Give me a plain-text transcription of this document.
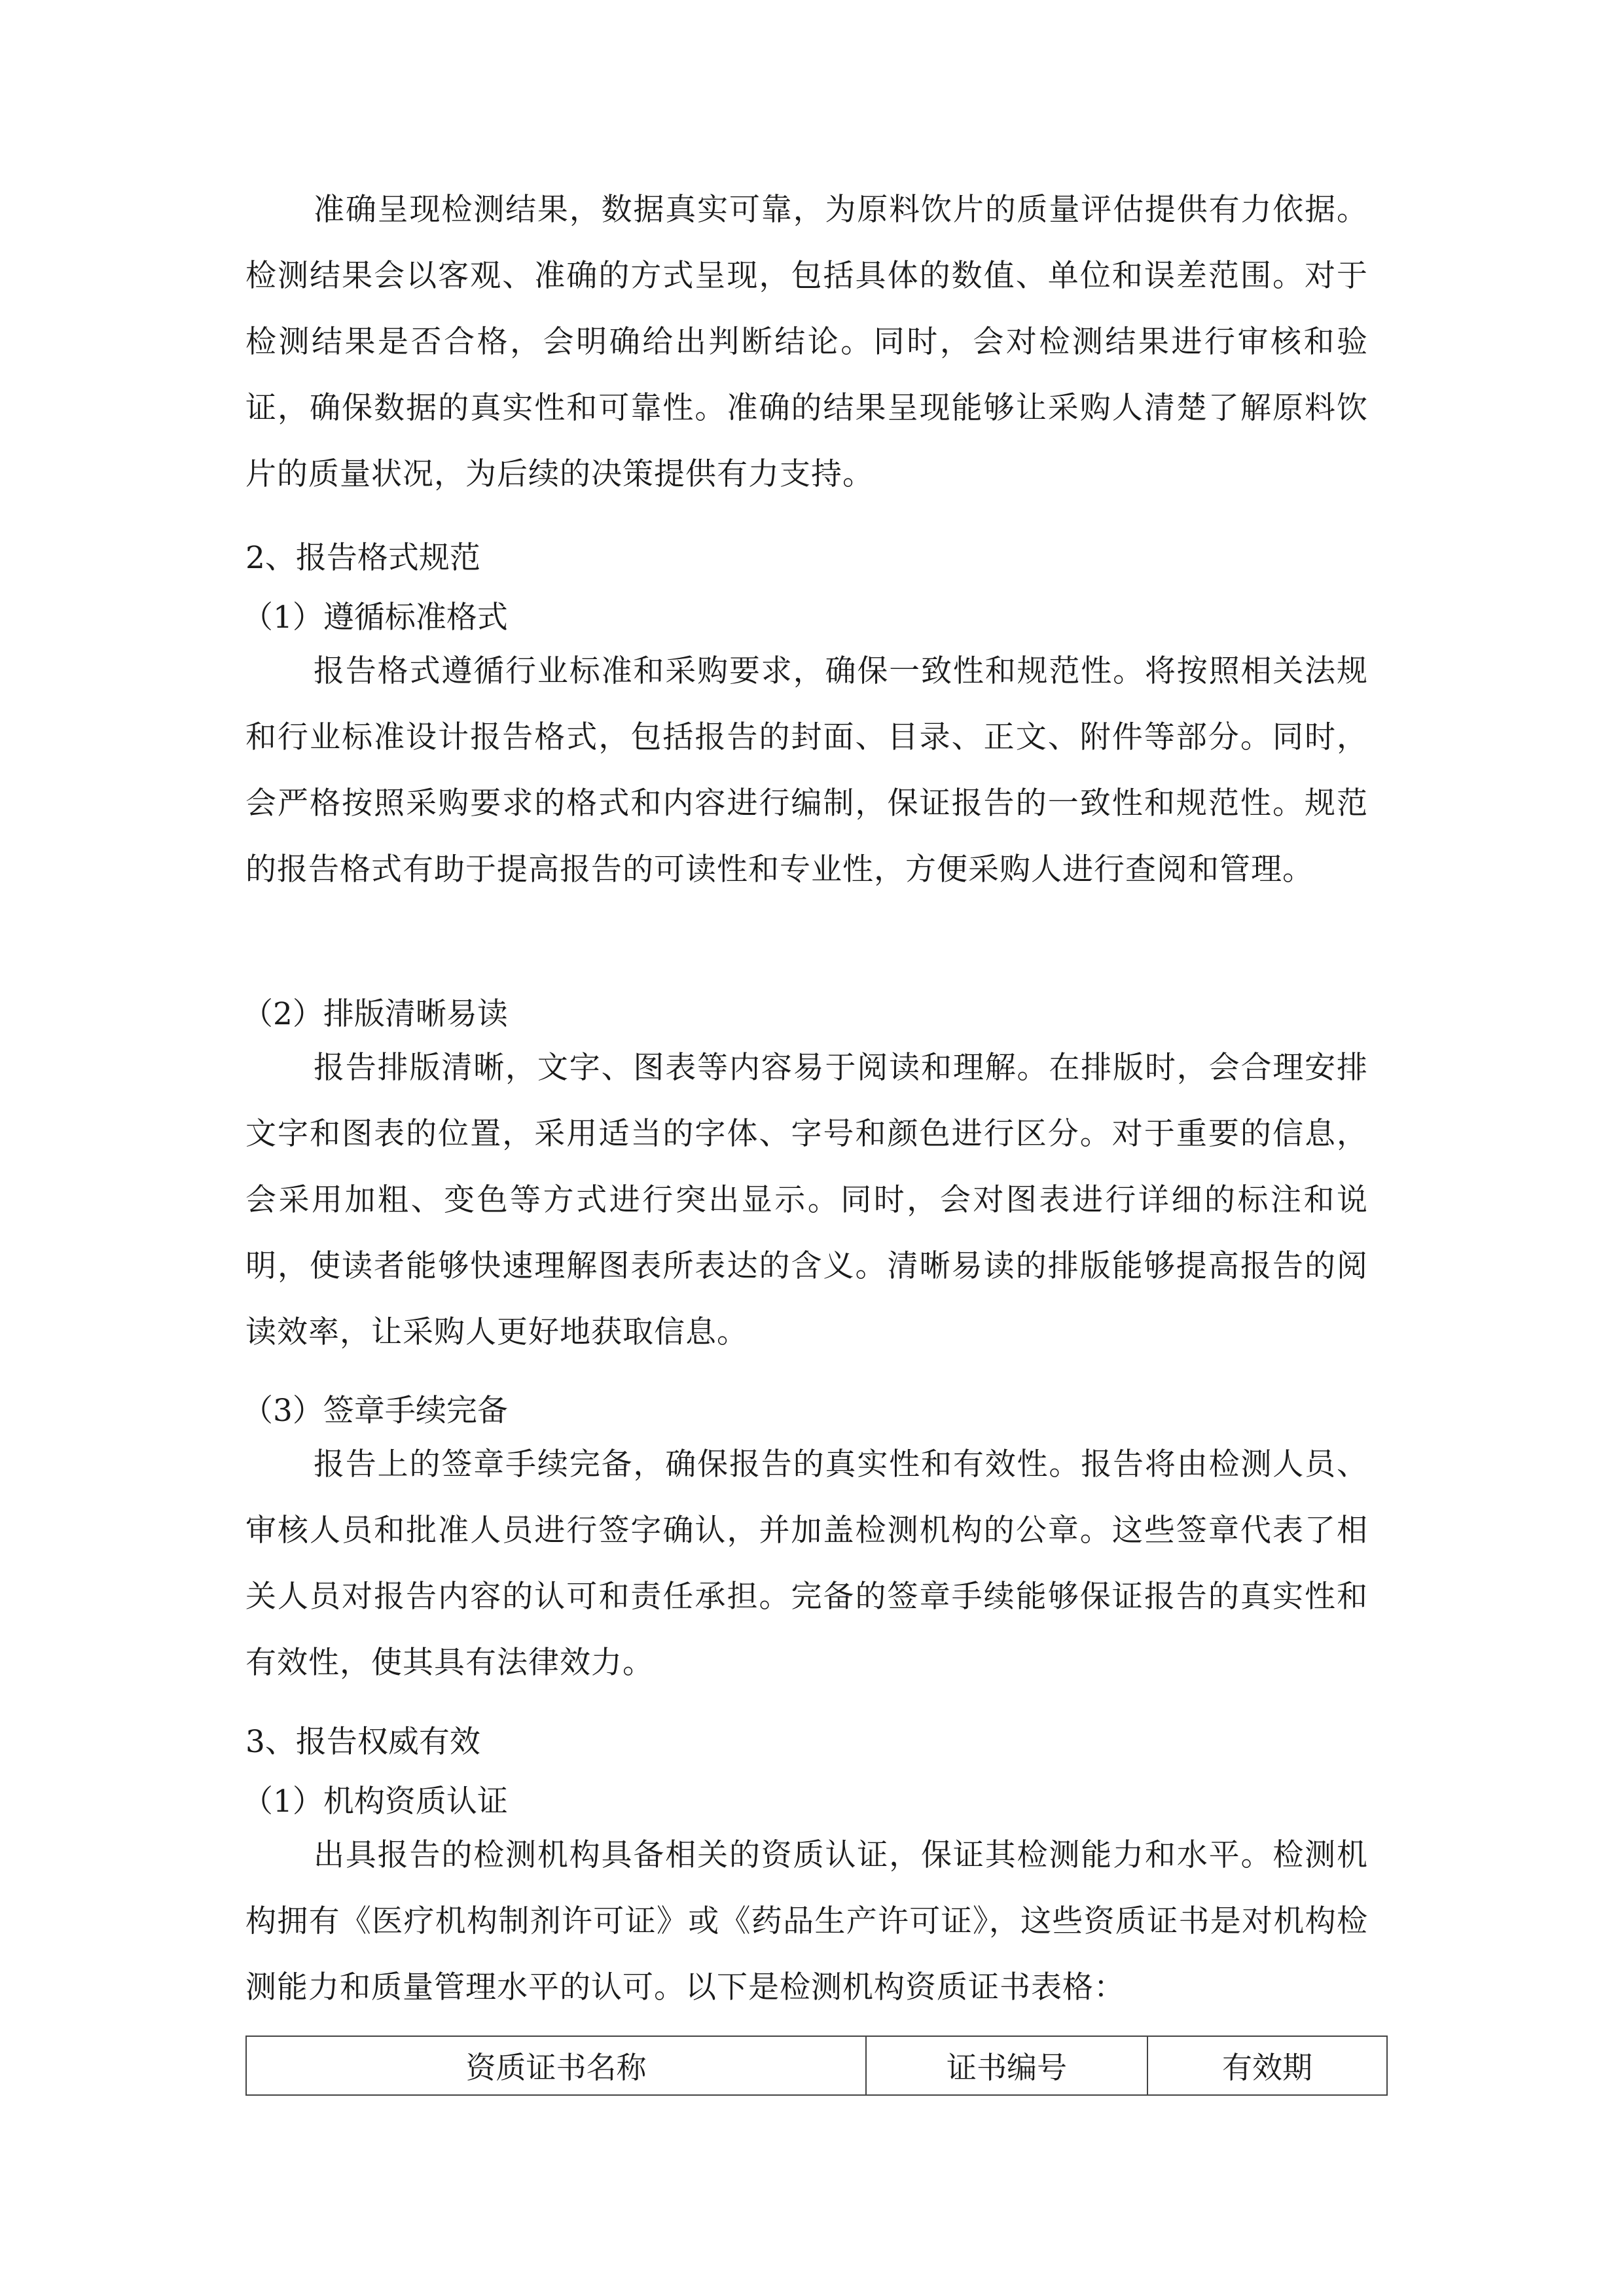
准确呈现检测结果，数据真实可靠，为原料饮片的质量评估提供有力依据。检测结果会以客观、准确的方式呈现，包括具体的数值、单位和误差范围。对于检测结果是否合格，会明确给出判断结论。同时，会对检测结果进行审核和验证，确保数据的真实性和可靠性。准确的结果呈现能够让采购人清楚了解原料饮片的质量状况，为后续的决策提供有力支持。

2、报告格式规范
（1）遵循标准格式

报告格式遵循行业标准和采购要求，确保一致性和规范性。将按照相关法规和行业标准设计报告格式，包括报告的封面、目录、正文、附件等部分。同时，会严格按照采购要求的格式和内容进行编制，保证报告的一致性和规范性。规范的报告格式有助于提高报告的可读性和专业性，方便采购人进行查阅和管理。

（2）排版清晰易读

报告排版清晰，文字、图表等内容易于阅读和理解。在排版时，会合理安排文字和图表的位置，采用适当的字体、字号和颜色进行区分。对于重要的信息，会采用加粗、变色等方式进行突出显示。同时，会对图表进行详细的标注和说明，使读者能够快速理解图表所表达的含义。清晰易读的排版能够提高报告的阅读效率，让采购人更好地获取信息。

（3）签章手续完备

报告上的签章手续完备，确保报告的真实性和有效性。报告将由检测人员、审核人员和批准人员进行签字确认，并加盖检测机构的公章。这些签章代表了相关人员对报告内容的认可和责任承担。完备的签章手续能够保证报告的真实性和有效性，使其具有法律效力。

3、报告权威有效
（1）机构资质认证

出具报告的检测机构具备相关的资质认证，保证其检测能力和水平。检测机构拥有《医疗机构制剂许可证》或《药品生产许可证》，这些资质证书是对机构检测能力和质量管理水平的认可。以下是检测机构资质证书表格：

资质证书名称	证书编号	有效期
